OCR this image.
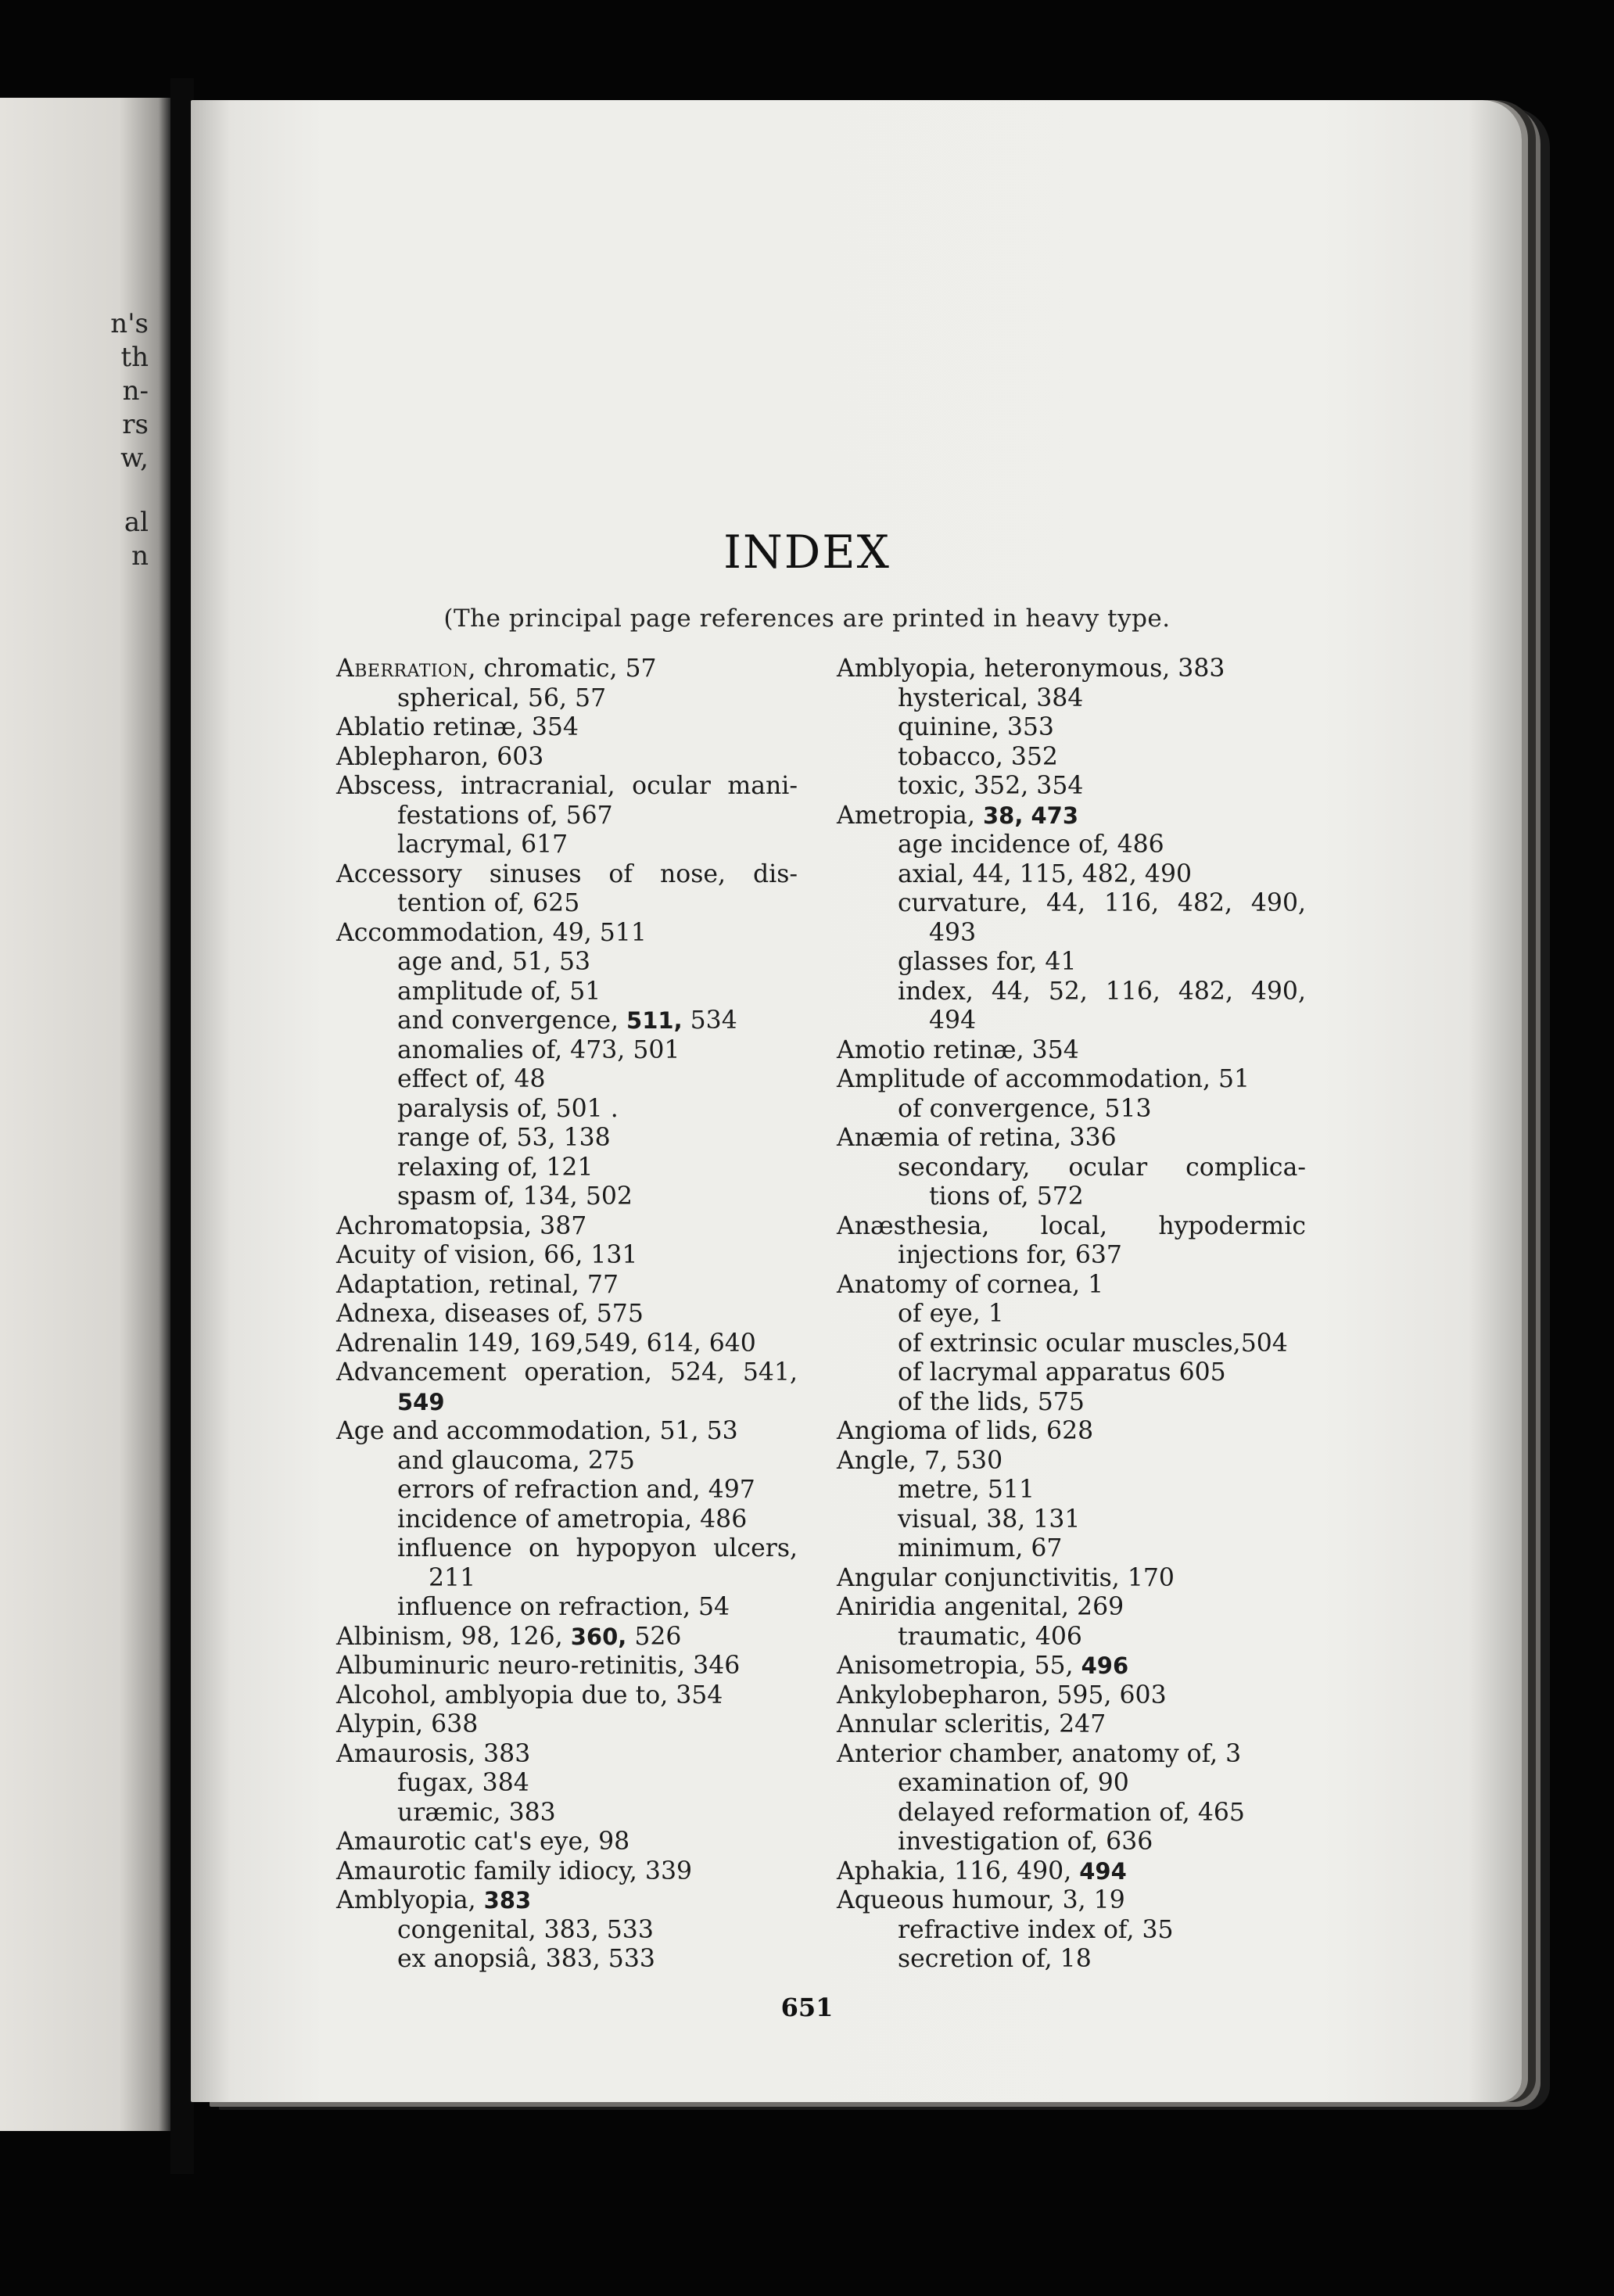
n's
th
n-
rs
w,
al
n	INDEX
(The principal page references are printed in heavy type.
Aberration, chromatic, 57
spherical, 56, 57
Ablatio retinæ, 354
Ablepharon, 603
Abscess, intracranial, ocular mani-
festations of, 567
lacrymal, 617
Accessory sinuses of nose, dis-
tention of, 625
Accommodation, 49, 511
age and, 51, 53
amplitude of, 51
and convergence, 511, 534
anomalies of, 473, 501
effect of, 48
paralysis of, 501 .
range of, 53, 138
relaxing of, 121
spasm of, 134, 502
Achromatopsia, 387
Acuity of vision, 66, 131
Adaptation, retinal, 77
Adnexa, diseases of, 575
Adrenalin 149, 169,549, 614, 640
Advancement operation, 524, 541,
549
Age and accommodation, 51, 53
and glaucoma, 275
errors of refraction and, 497
incidence of ametropia, 486
influence on hypopyon ulcers,
211
influence on refraction, 54
Albinism, 98, 126, 360, 526
Albuminuric neuro-retinitis, 346
Alcohol, amblyopia due to, 354
Alypin, 638
Amaurosis, 383
fugax, 384
uræmic, 383
Amaurotic cat's eye, 98
Amaurotic family idiocy, 339
Amblyopia, 383
congenital, 383, 533
ex anopsiâ, 383, 533
Amblyopia, heteronymous, 383
hysterical, 384
quinine, 353
tobacco, 352
toxic, 352, 354
Ametropia, 38, 473
age incidence of, 486
axial, 44, 115, 482, 490
curvature, 44, 116, 482, 490,
493
glasses for, 41
index, 44, 52, 116, 482, 490,
494
Amotio retinæ, 354
Amplitude of accommodation, 51
of convergence, 513
Anæmia of retina, 336
secondary, ocular complica-
tions of, 572
Anæsthesia, local, hypodermic
injections for, 637
Anatomy of cornea, 1
of eye, 1
of extrinsic ocular muscles,504
of lacrymal apparatus 605
of the lids, 575
Angioma of lids, 628
Angle, 7, 530
metre, 511
visual, 38, 131
minimum, 67
Angular conjunctivitis, 170
Aniridia angenital, 269
traumatic, 406
Anisometropia, 55, 496
Ankylobepharon, 595, 603
Annular scleritis, 247
Anterior chamber, anatomy of, 3
examination of, 90
delayed reformation of, 465
investigation of, 636
Aphakia, 116, 490, 494
Aqueous humour, 3, 19
refractive index of, 35
secretion of, 18
651
